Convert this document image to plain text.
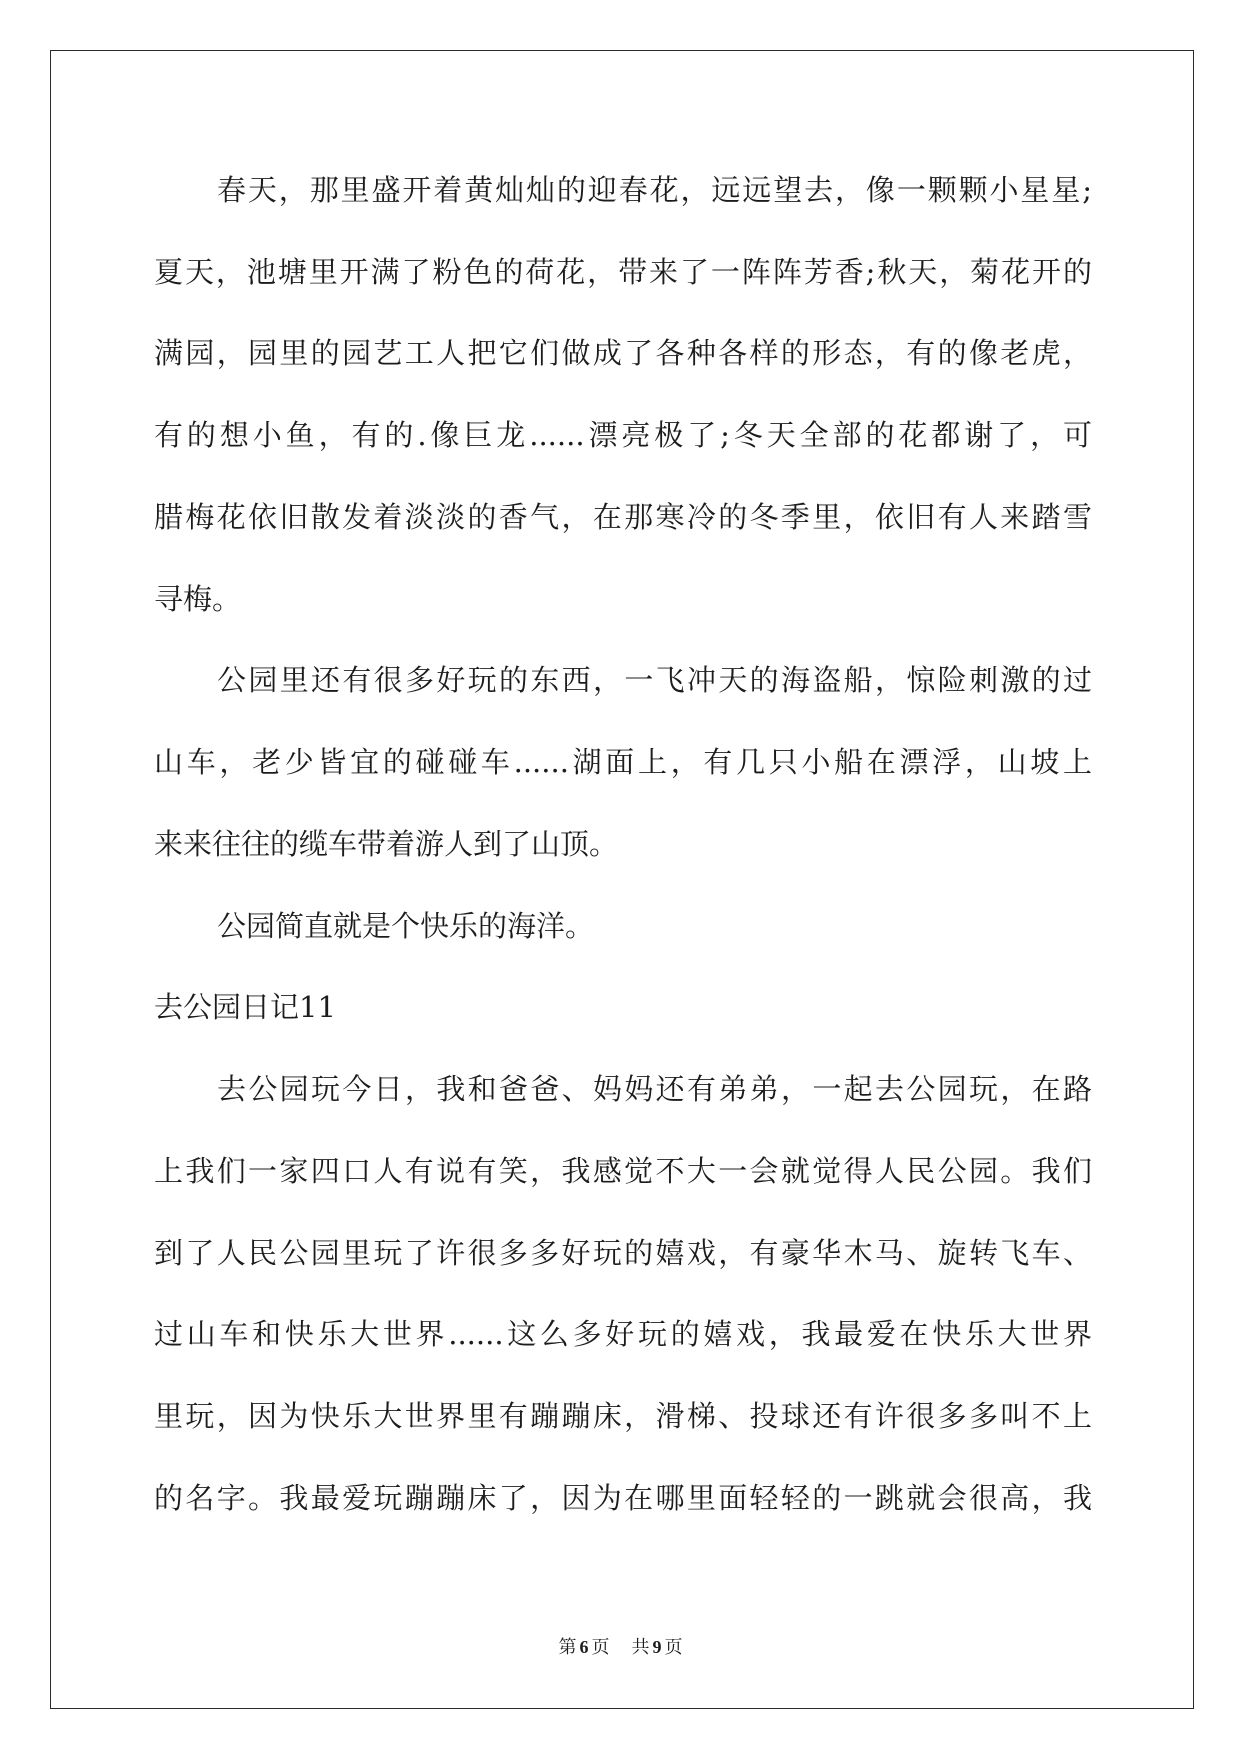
春天，那里盛开着黄灿灿的迎春花，远远望去，像一颗颗小星星;
夏天，池塘里开满了粉色的荷花，带来了一阵阵芳香;秋天，菊花开的
满园，园里的园艺工人把它们做成了各种各样的形态，有的像老虎，
有的想小鱼，有的.像巨龙......漂亮极了;冬天全部的花都谢了，可
腊梅花依旧散发着淡淡的香气，在那寒冷的冬季里，依旧有人来踏雪
寻梅。
公园里还有很多好玩的东西，一飞冲天的海盗船，惊险刺激的过
山车，老少皆宜的碰碰车......湖面上，有几只小船在漂浮，山坡上
来来往往的缆车带着游人到了山顶。
公园简直就是个快乐的海洋。
去公园日记11
去公园玩今日，我和爸爸、妈妈还有弟弟，一起去公园玩，在路
上我们一家四口人有说有笑，我感觉不大一会就觉得人民公园。我们
到了人民公园里玩了许很多多好玩的嬉戏，有豪华木马、旋转飞车、
过山车和快乐大世界......这么多好玩的嬉戏，我最爱在快乐大世界
里玩，因为快乐大世界里有蹦蹦床，滑梯、投球还有许很多多叫不上
的名字。我最爱玩蹦蹦床了，因为在哪里面轻轻的一跳就会很高，我
第 6 页 共 9 页
